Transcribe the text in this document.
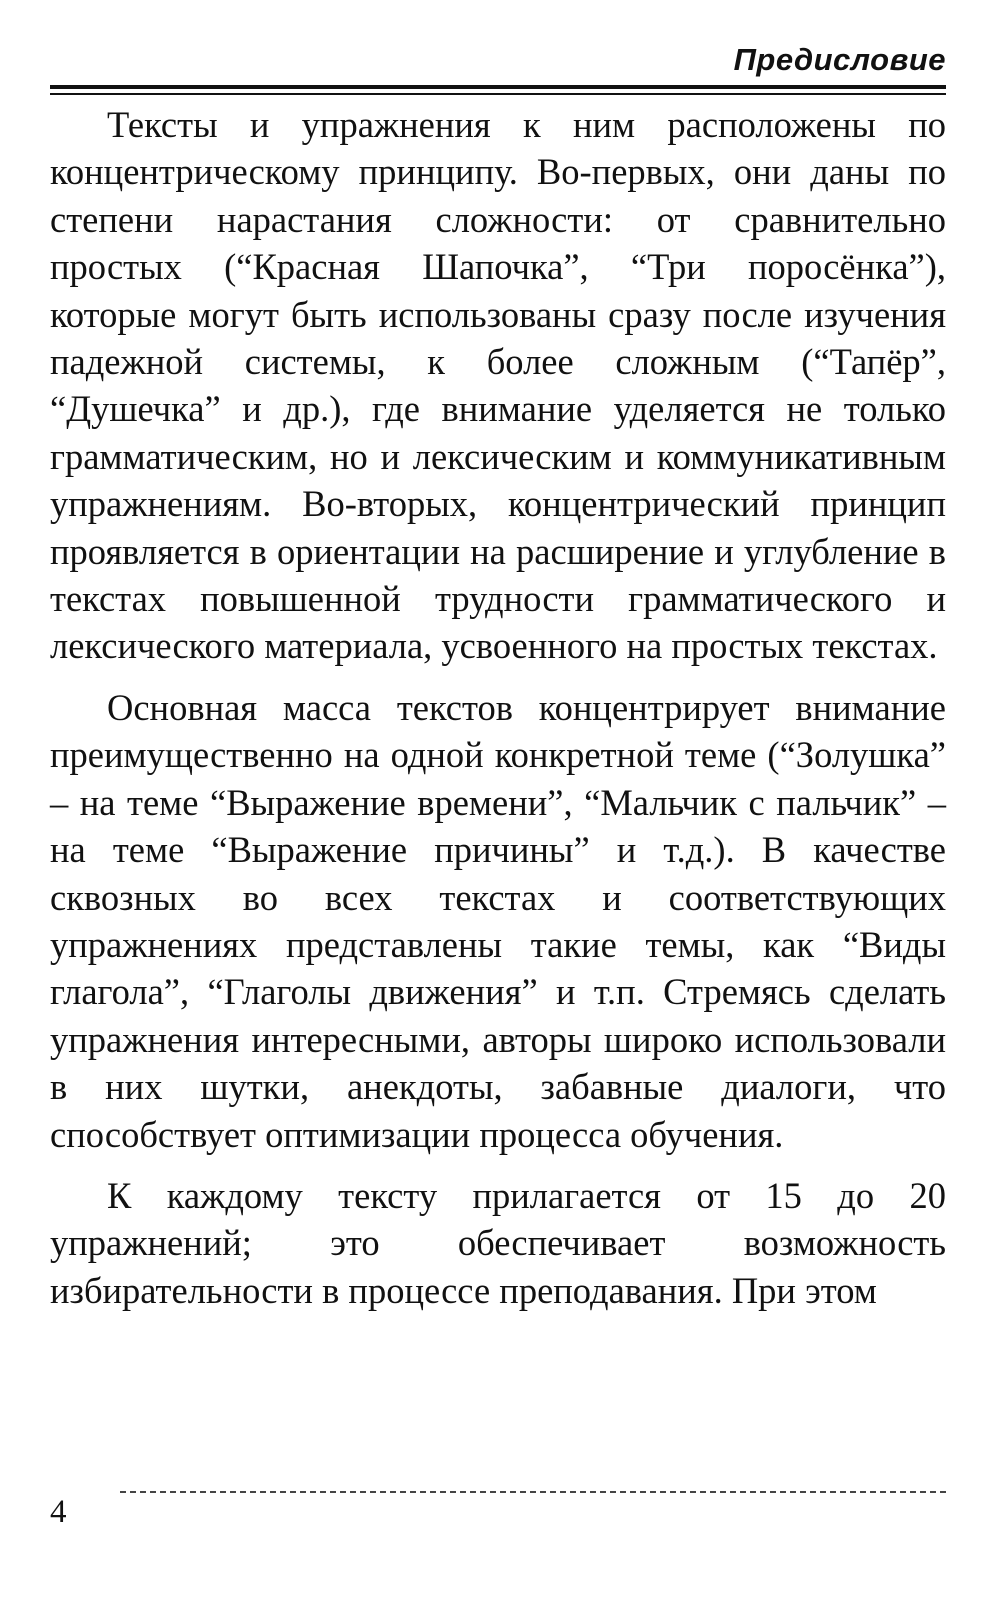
Предисловие

Тексты и упражнения к ним расположены по концентрическому принципу. Во-первых, они даны по степени нарастания сложности: от сравнительно простых (“Красная Шапочка”, “Три поросёнка”), которые могут быть использованы сразу после изучения падежной системы, к более сложным (“Тапёр”, “Душечка” и др.), где внимание уделяется не только грамматическим, но и лексическим и коммуникативным упражнениям. Во-вторых, концентрический принцип проявляется в ориентации на расширение и углубление в текстах повышенной трудности грамматического и лексического материала, усвоенного на простых текстах.

Основная масса текстов концентрирует внимание преимущественно на одной конкретной теме (“Золушка” – на теме “Выражение времени”, “Мальчик с пальчик” – на теме “Выражение причины” и т.д.). В качестве сквозных во всех текстах и соответствующих упражнениях представлены такие темы, как “Виды глагола”, “Глаголы движения” и т.п. Стремясь сделать упражнения интересными, авторы широко использовали в них шутки, анекдоты, забавные диалоги, что способствует оптимизации процесса обучения.

К каждому тексту прилагается от 15 до 20 упражнений; это обеспечивает возможность избирательности в процессе преподавания. При этом

4
